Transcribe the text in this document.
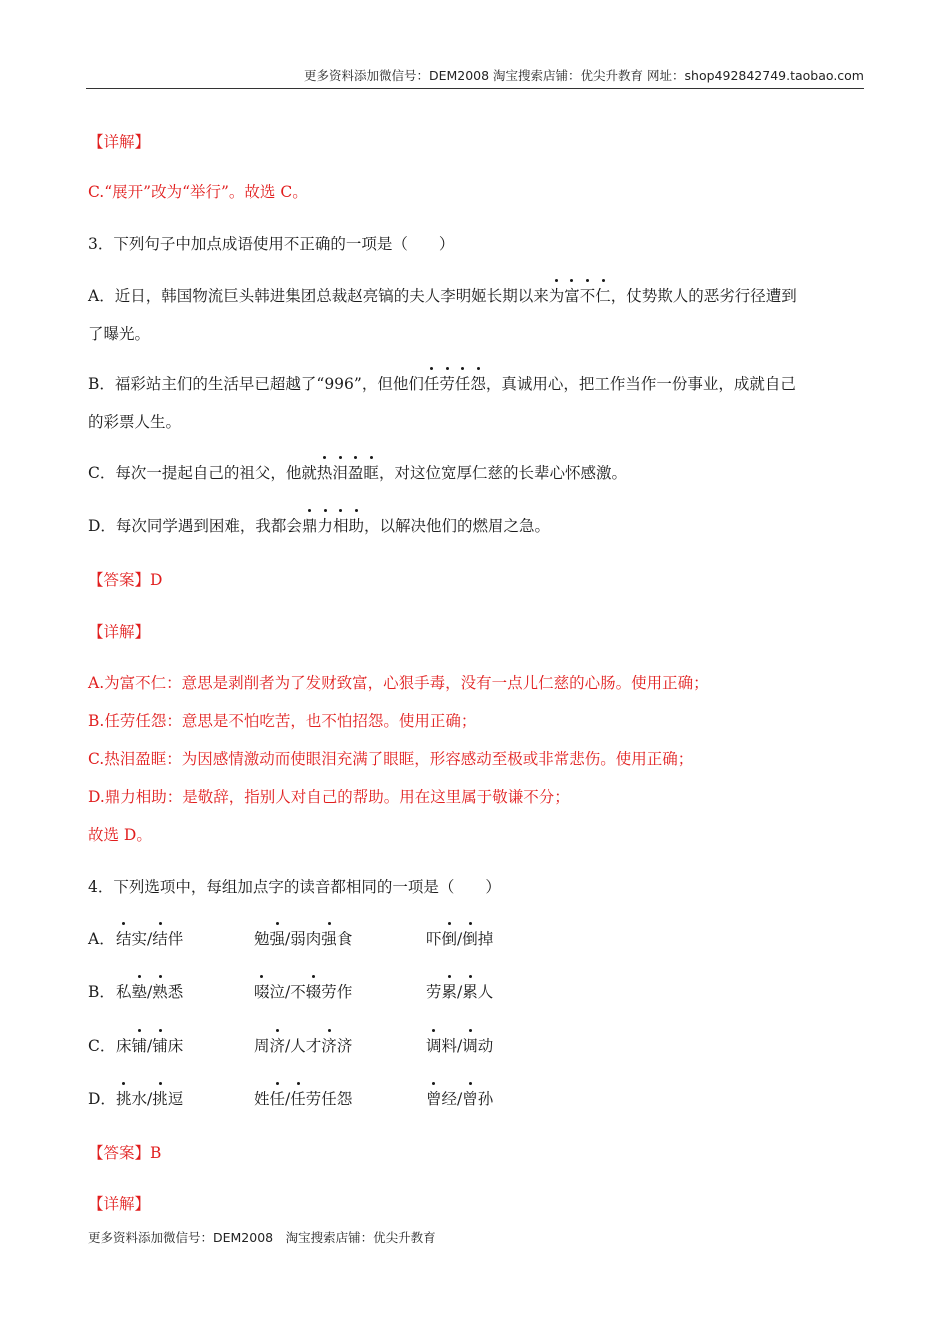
更多资料添加微信号：DEM2008 淘宝搜索店铺：优尖升教育 网址：shop492842749.taobao.com
【详解】
C.“展开”改为“举行”。故选 C。
3．下列句子中加点成语使用不正确的一项是（　　）
A．近日，韩国物流巨头韩进集团总裁赵亮镐的夫人李明姬长期以来为富不仁，仗势欺人的恶劣行径遭到
了曝光。
B．福彩站主们的生活早已超越了“996”，但他们任劳任怨，真诚用心，把工作当作一份事业，成就自己
的彩票人生。
C．每次一提起自己的祖父，他就热泪盈眶，对这位宽厚仁慈的长辈心怀感激。
D．每次同学遇到困难，我都会鼎力相助，以解决他们的燃眉之急。
【答案】D
【详解】
A.为富不仁：意思是剥削者为了发财致富，心狠手毒，没有一点儿仁慈的心肠。使用正确；
B.任劳任怨：意思是不怕吃苦，也不怕招怨。使用正确；
C.热泪盈眶：为因感情激动而使眼泪充满了眼眶，形容感动至极或非常悲伤。使用正确；
D.鼎力相助：是敬辞，指别人对自己的帮助。用在这里属于敬谦不分；
故选 D。
4．下列选项中，每组加点字的读音都相同的一项是（　　）
A． 结实/结伴	勉强/弱肉强食	吓倒/倒掉
B． 私塾/熟悉	啜泣/不辍劳作	劳累/累人
C． 床铺/铺床	周济/人才济济	调料/调动
D． 挑水/挑逗	姓任/任劳任怨	曾经/曾孙
【答案】B
【详解】
更多资料添加微信号：DEM2008　淘宝搜索店铺：优尖升教育
